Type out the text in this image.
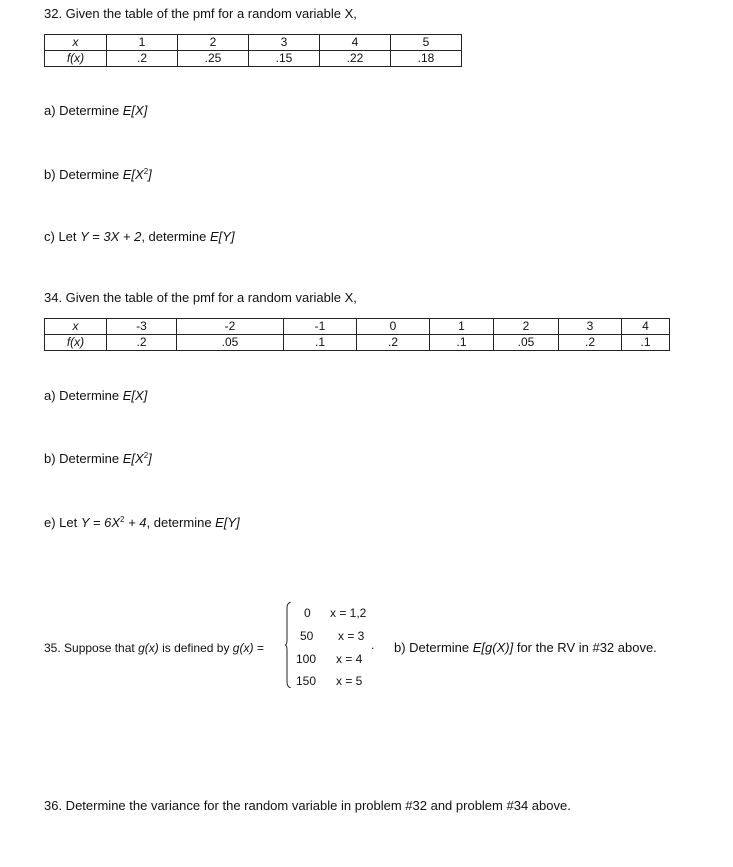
32. Given the table of the pmf for a random variable X,
x	1	2	3	4	5
f(x)	.2	.25	.15	.22	.18
a) Determine E[X]
b) Determine $E[X^2]$
c) Let Y = 3X + 2, determine E[Y]
34. Given the table of the pmf for a random variable X,
x	-3	-2	-1	0	1	2	3	4
f(x)	.2	.05	.1	.2	.1	.05	.2	.1
a) Determine E[X]
b) Determine $E[X^2]$
e) Let $Y = 6X^2 + 4$, determine E[Y]
35. Suppose that g(x) is defined by g(x) =
0 x = 1,2
50 x = 3
100 x = 4
150 x = 5
. b) Determine E[g(X)] for the RV in #32 above.
36. Determine the variance for the random variable in problem #32 and problem #34 above.
